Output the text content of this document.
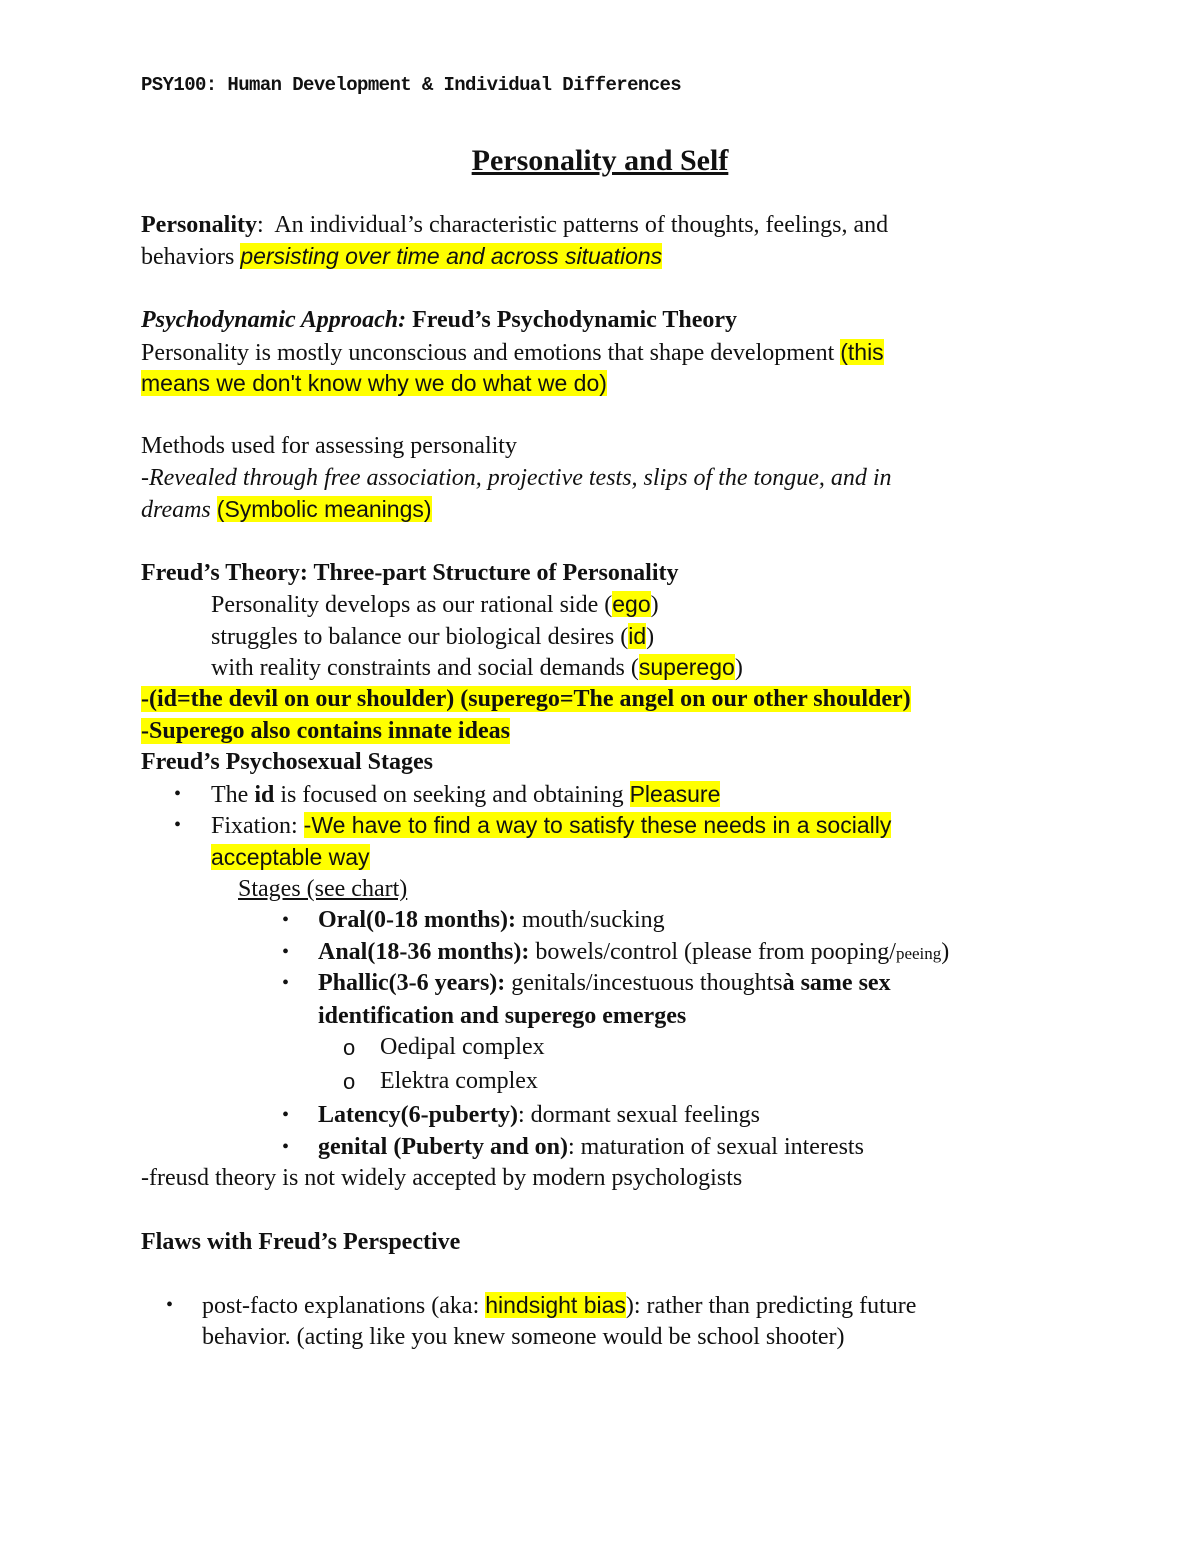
PSY100: Human Development & Individual Differences
Personality and Self
Personality:  An individual’s characteristic patterns of thoughts, feelings, and
behaviors persisting over time and across situations
Psychodynamic Approach: Freud’s Psychodynamic Theory
Personality is mostly unconscious and emotions that shape development (this
means we don't know why we do what we do)
Methods used for assessing personality
-Revealed through free association, projective tests, slips of the tongue, and in
dreams (Symbolic meanings)
Freud’s Theory: Three-part Structure of Personality
Personality develops as our rational side (ego)
struggles to balance our biological desires (id)
with reality constraints and social demands (superego)
-(id=the devil on our shoulder) (superego=The angel on our other shoulder)
-Superego also contains innate ideas
Freud’s Psychosexual Stages
• The id is focused on seeking and obtaining Pleasure
• Fixation: -We have to find a way to satisfy these needs in a socially
acceptable way
Stages (see chart)
• Oral(0-18 months): mouth/sucking
• Anal(18-36 months): bowels/control (please from pooping/peeing)
• Phallic(3-6 years): genitals/incestuous thoughtsà same sex
identification and superego emerges
o Oedipal complex
o Elektra complex
• Latency(6-puberty): dormant sexual feelings
• genital (Puberty and on): maturation of sexual interests
-freusd theory is not widely accepted by modern psychologists
Flaws with Freud’s Perspective
• post-facto explanations (aka: hindsight bias): rather than predicting future
behavior. (acting like you knew someone would be school shooter)
